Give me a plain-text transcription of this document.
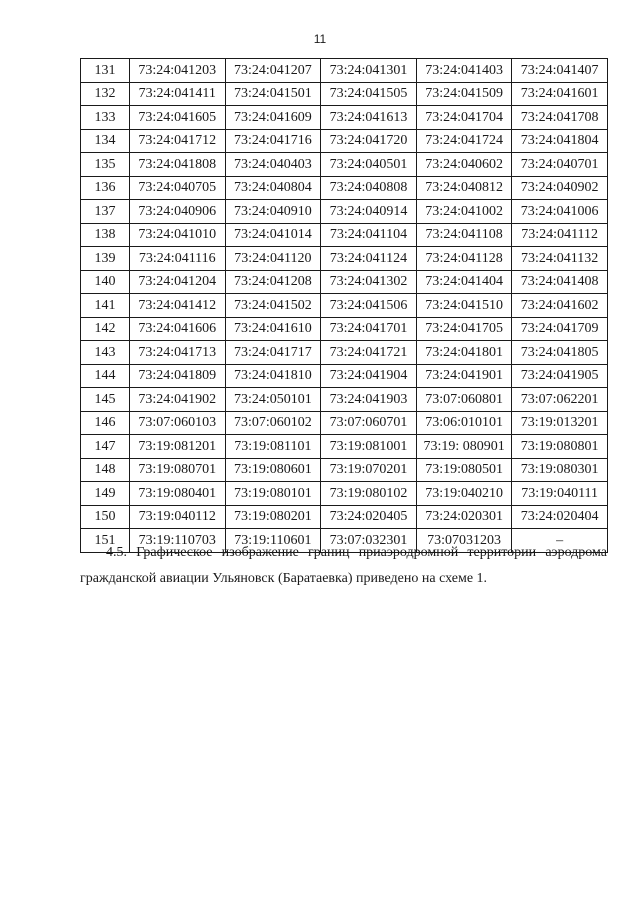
11
131	73:24:041203	73:24:041207	73:24:041301	73:24:041403	73:24:041407
132	73:24:041411	73:24:041501	73:24:041505	73:24:041509	73:24:041601
133	73:24:041605	73:24:041609	73:24:041613	73:24:041704	73:24:041708
134	73:24:041712	73:24:041716	73:24:041720	73:24:041724	73:24:041804
135	73:24:041808	73:24:040403	73:24:040501	73:24:040602	73:24:040701
136	73:24:040705	73:24:040804	73:24:040808	73:24:040812	73:24:040902
137	73:24:040906	73:24:040910	73:24:040914	73:24:041002	73:24:041006
138	73:24:041010	73:24:041014	73:24:041104	73:24:041108	73:24:041112
139	73:24:041116	73:24:041120	73:24:041124	73:24:041128	73:24:041132
140	73:24:041204	73:24:041208	73:24:041302	73:24:041404	73:24:041408
141	73:24:041412	73:24:041502	73:24:041506	73:24:041510	73:24:041602
142	73:24:041606	73:24:041610	73:24:041701	73:24:041705	73:24:041709
143	73:24:041713	73:24:041717	73:24:041721	73:24:041801	73:24:041805
144	73:24:041809	73:24:041810	73:24:041904	73:24:041901	73:24:041905
145	73:24:041902	73:24:050101	73:24:041903	73:07:060801	73:07:062201
146	73:07:060103	73:07:060102	73:07:060701	73:06:010101	73:19:013201
147	73:19:081201	73:19:081101	73:19:081001	73:19: 080901	73:19:080801
148	73:19:080701	73:19:080601	73:19:070201	73:19:080501	73:19:080301
149	73:19:080401	73:19:080101	73:19:080102	73:19:040210	73:19:040111
150	73:19:040112	73:19:080201	73:24:020405	73:24:020301	73:24:020404
151	73:19:110703	73:19:110601	73:07:032301	73:07031203	–
4.5. Графическое изображение границ приаэродромной территории аэродрома гражданской авиации Ульяновск (Баратаевка) приведено на схеме 1.
